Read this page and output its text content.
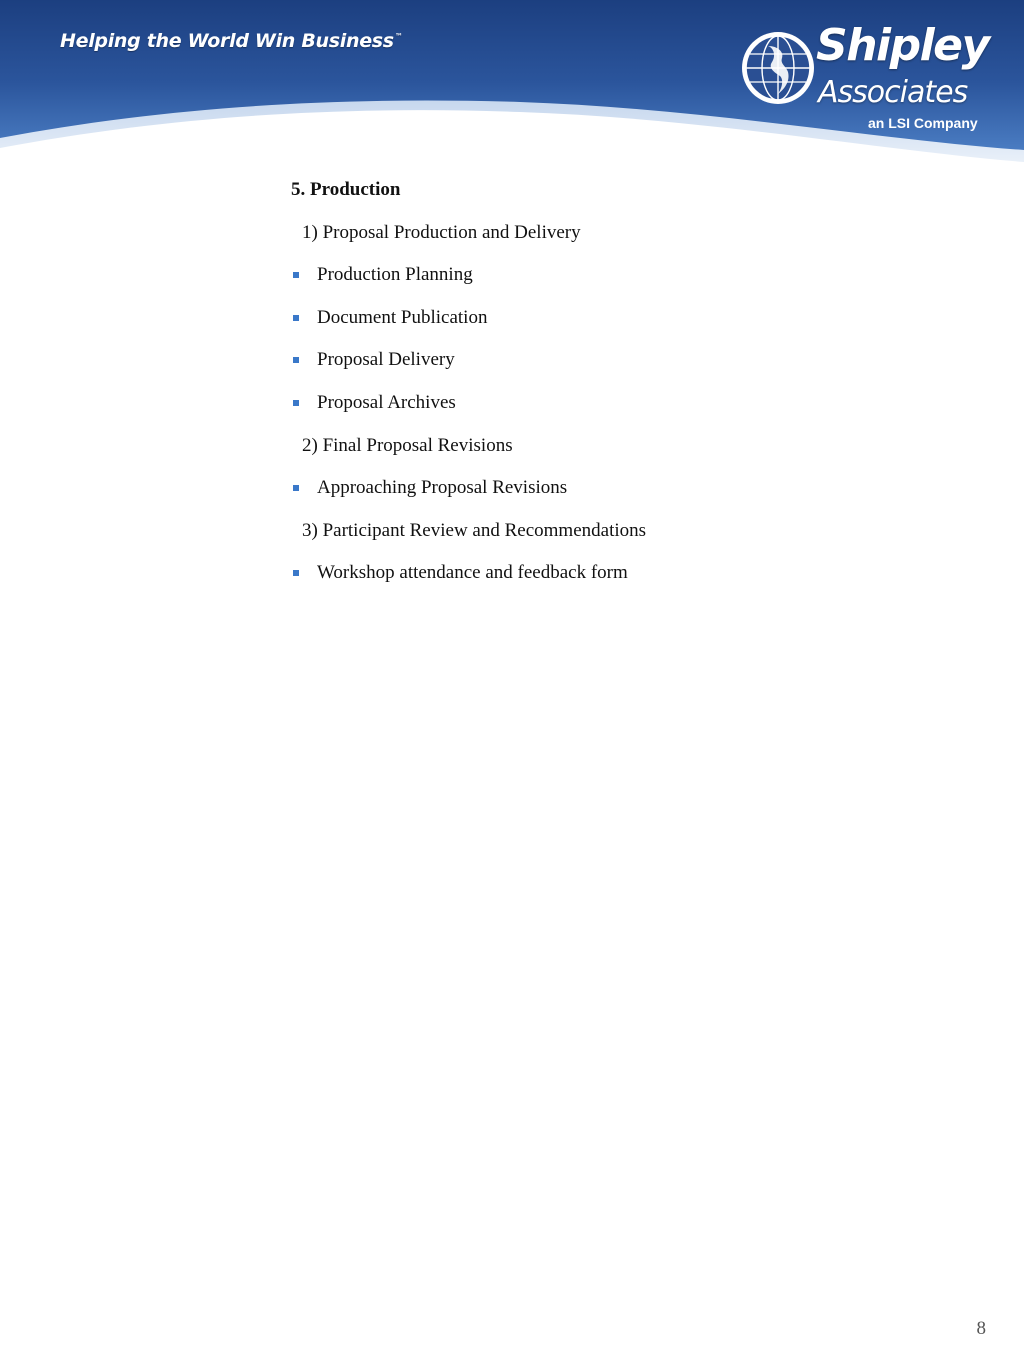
Helping the World Win Business™	Shipley
Associates
an LSI Company
5. Production
1) Proposal Production and Delivery
Production Planning
Document Publication
Proposal Delivery
Proposal Archives
2) Final Proposal Revisions
Approaching Proposal Revisions
3) Participant Review and Recommendations
Workshop attendance and feedback form
8
